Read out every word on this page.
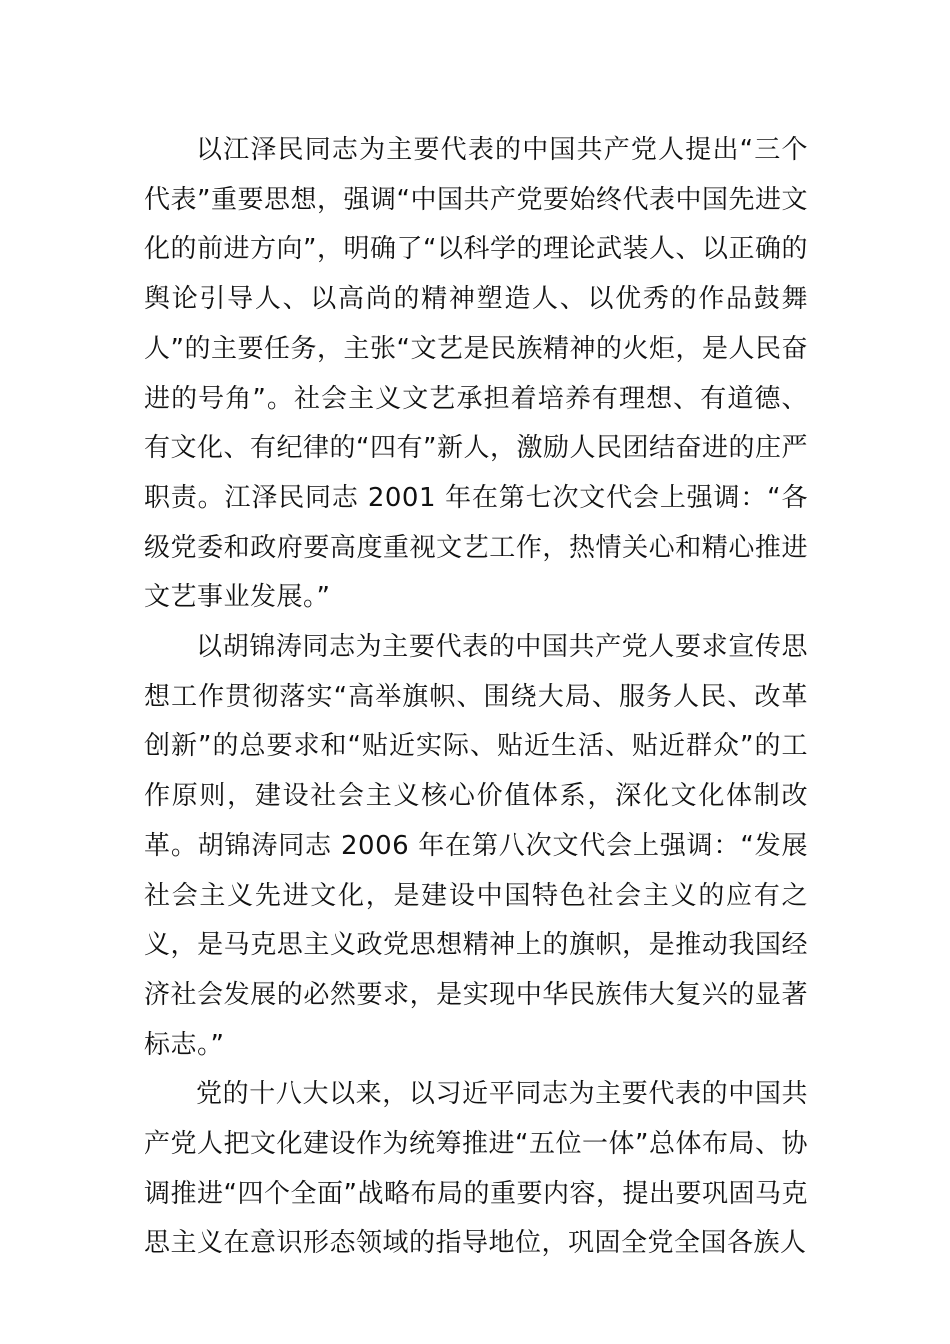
以江泽民同志为主要代表的中国共产党人提出“三个代表”重要思想，强调“中国共产党要始终代表中国先进文化的前进方向”，明确了“以科学的理论武装人、以正确的舆论引导人、以高尚的精神塑造人、以优秀的作品鼓舞人”的主要任务，主张“文艺是民族精神的火炬，是人民奋进的号角”。社会主义文艺承担着培养有理想、有道德、有文化、有纪律的“四有”新人，激励人民团结奋进的庄严职责。江泽民同志 2001 年在第七次文代会上强调：“各级党委和政府要高度重视文艺工作，热情关心和精心推进文艺事业发展。”

以胡锦涛同志为主要代表的中国共产党人要求宣传思想工作贯彻落实“高举旗帜、围绕大局、服务人民、改革创新”的总要求和“贴近实际、贴近生活、贴近群众”的工作原则，建设社会主义核心价值体系，深化文化体制改革。胡锦涛同志 2006 年在第八次文代会上强调：“发展社会主义先进文化，是建设中国特色社会主义的应有之义，是马克思主义政党思想精神上的旗帜，是推动我国经济社会发展的必然要求，是实现中华民族伟大复兴的显著标志。”

党的十八大以来，以习近平同志为主要代表的中国共产党人把文化建设作为统筹推进“五位一体”总体布局、协调推进“四个全面”战略布局的重要内容，提出要巩固马克思主义在意识形态领域的指导地位，巩固全党全国各族人
